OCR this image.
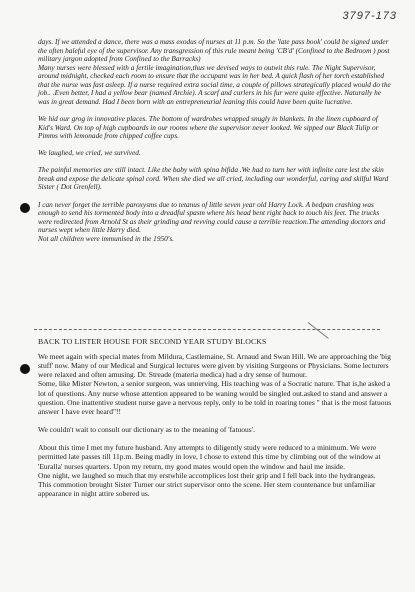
3797-173

days. If we attended a dance, there was a mass exodus of nurses at 11 p.m. So the 'late pass book' could be signed under the often baleful eye of the supervisor. Any transgression of this rule meant being 'CB'd' (Confined to the Bedroom ) post military jargon adopted from Confined to the Barracks)

Many nurses were blessed with a fertile imagination,thus we devised ways to outwit this rule. The Night Supervisor, around midnight, checked each room to ensure that the occupant was in her bed. A quick flash of her torch established that the nurse was fast asleep. If a nurse required extra social time, a couple of pillows strategically placed would do the job.. .Even better, I had a yellow bear (named Archie). A scarf and curlers in his fur were quite effective. Naturally he was in great demand. Had I been born with an entrepreneurial leaning this could have been quite lucrative.

We hid our grog in innovative places. The bottom of wardrobes wrapped snugly in blankets. In the linen cupboard of Kid's Ward. On top of high cupboards in our rooms where the supervisor never looked. We sipped our Black Tulip or Pimms with lemonade from chipped coffee cups.

We laughed, we cried, we survived.

The painful memories are still intact. Like the baby with spina bifida .We had to turn her with infinite care lest the skin break and expose the delicate spinal cord. When she died we all cried, including our wonderful, caring and skilful Ward Sister ( Dot Grenfell).

I can never forget the terrible paroxysms due to tetanus of little seven year old Harry Lock. A bedpan crashing was enough to send his tormented body into a dreadful spasm where his head bent right back to touch his feet. The trucks were redirected from Arnold St as their grinding and revving could cause a terrible reaction.The attending doctors and nurses wept when little Harry died.

Not all children were immunised in the 1950's.

BACK TO LISTER HOUSE FOR SECOND YEAR STUDY BLOCKS

We meet again with special mates from Mildura, Castlemaine, St. Arnaud and Swan Hill. We are approaching the 'big stuff' now. Many of our Medical and Surgical lectures were given by visiting Surgeons or Physicians. Some lecturers were relaxed and often amusing. Dr. Streade (materia medica) had a dry sense of humour.

Some, like Mister Newton, a senior surgeon, was unnerving. His teaching was of a Socratic nature. That is,he asked a lot of questions. Any nurse whose attention appeared to be waning would be singled out.asked to stand and answer a question. One inattentive student nurse gave a nervous reply, only to be told in roaring tones " that is the most fatuous answer I have ever heard"!!

We couldn't wait to consult our dictionary as to the meaning of 'fatuous'.

About this time I met my future husband. Any attempts to diligently study were reduced to a minimum. We were permitted late passes till 11p.m. Being madly in love, I chose to extend this time by climbing out of the window at 'Euralla' nurses quarters. Upon my return, my good mates would open the window and haul me inside.

One night, we laughed so much that my erstwhile accomplices lost their grip and I fell back into the hydrangeas.

This commotion brought Sister Turner our strict supervisor onto the scene. Her stern countenance but unfamiliar appearance in night attire sobered us.
